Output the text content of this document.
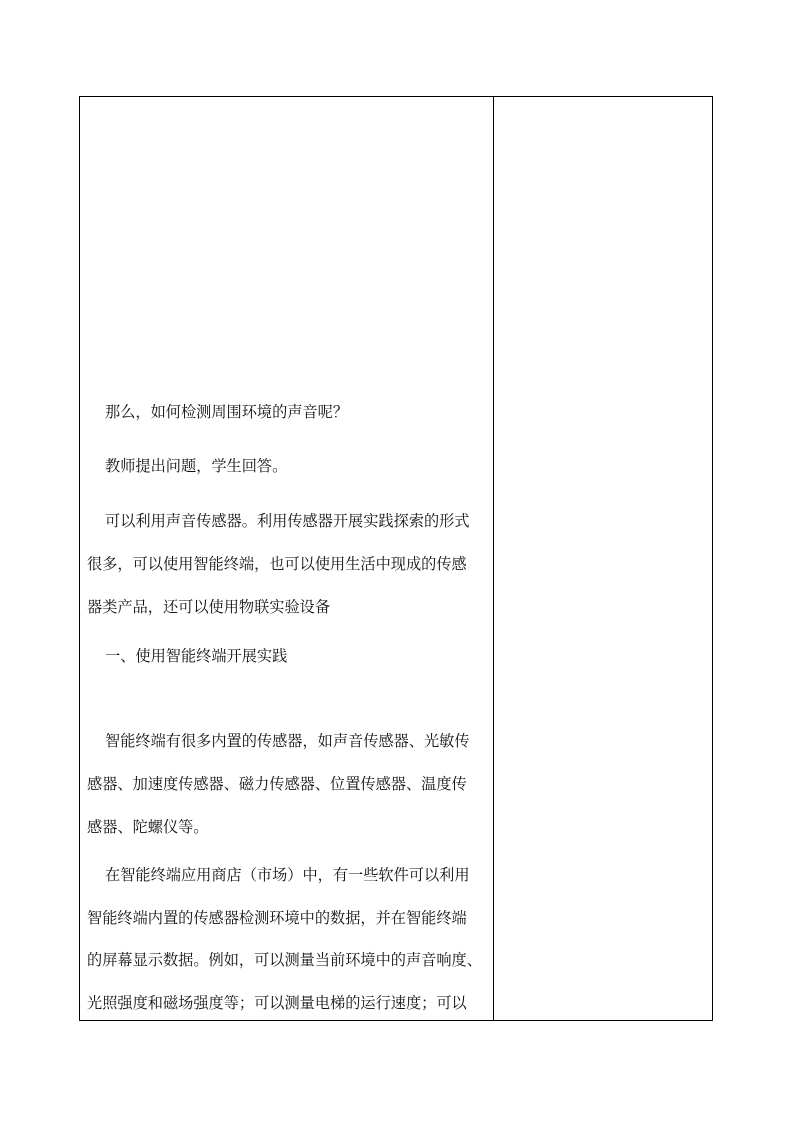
那么，如何检测周围环境的声音呢？

教师提出问题，学生回答。

可以利用声音传感器。利用传感器开展实践探索的形式

很多，可以使用智能终端，也可以使用生活中现成的传感

器类产品，还可以使用物联实验设备

一、使用智能终端开展实践

智能终端有很多内置的传感器，如声音传感器、光敏传

感器、加速度传感器、磁力传感器、位置传感器、温度传

感器、陀螺仪等。

在智能终端应用商店（市场）中，有一些软件可以利用

智能终端内置的传感器检测环境中的数据，并在智能终端

的屏幕显示数据。例如，可以测量当前环境中的声音响度、

光照强度和磁场强度等；可以测量电梯的运行速度；可以
